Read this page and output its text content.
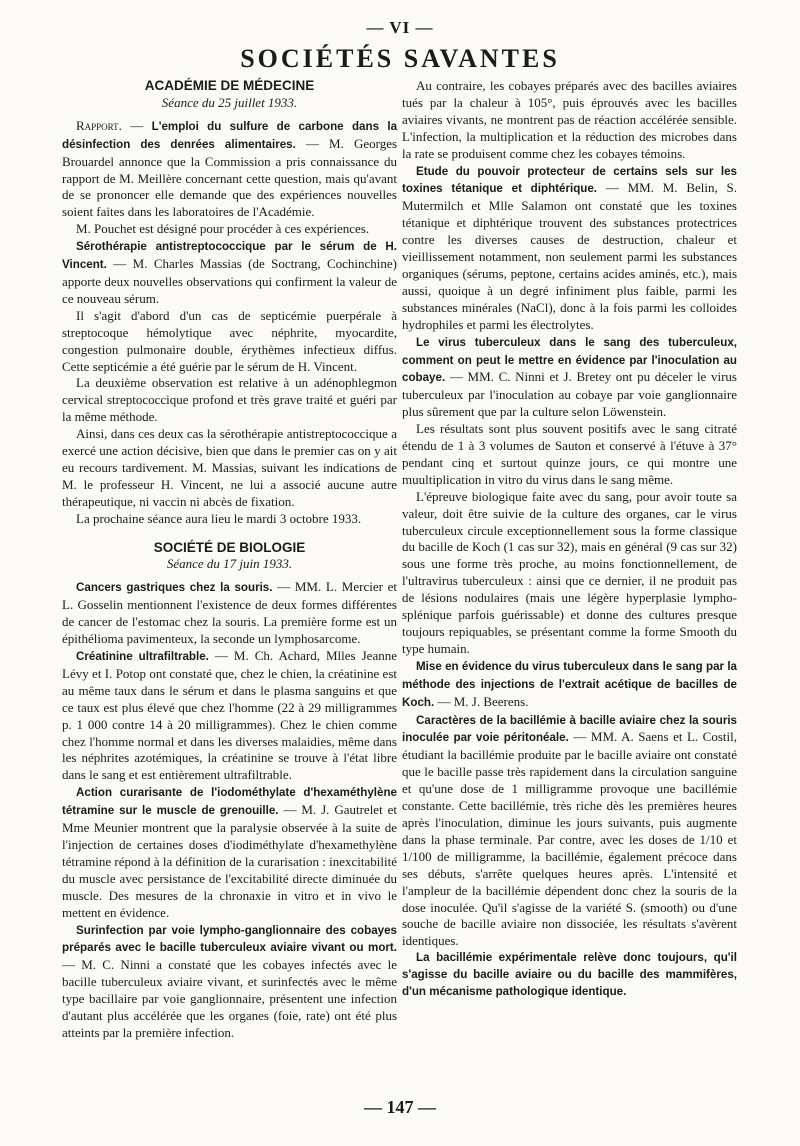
— VI —
SOCIÉTÉS SAVANTES
ACADÉMIE DE MÉDECINE
Séance du 25 juillet 1933.

Rapport. — L'emploi du sulfure de carbone dans la désinfection des denrées alimentaires. — M. Georges Brouardel annonce que la Commission a pris connaissance du rapport de M. Meillère concernant cette question, mais qu'avant de se prononcer elle demande que des expériences nouvelles soient faites dans les laboratoires de l'Académie.

M. Pouchet est désigné pour procéder à ces expériences.

Sérothérapie antistreptococcique par le sérum de H. Vincent. — M. Charles Massias (de Soctrang, Cochinchine) apporte deux nouvelles observations qui confirment la valeur de ce nouveau sérum.

Il s'agit d'abord d'un cas de septicémie puerpérale à streptocoque hémolytique avec néphrite, myocardite, congestion pulmonaire double, érythèmes infectieux diffus. Cette septicémie a été guérie par le sérum de H. Vincent.

La deuxième observation est relative à un adénophlegmon cervical streptococcique profond et très grave traité et guéri par la même méthode.

Ainsi, dans ces deux cas la sérothérapie antistreptococcique a exercé une action décisive, bien que dans le premier cas on y ait eu recours tardivement. M. Massias, suivant les indications de M. le professeur H. Vincent, ne lui a associé aucune autre thérapeutique, ni vaccin ni abcès de fixation.

La prochaine séance aura lieu le mardi 3 octobre 1933.

SOCIÉTÉ DE BIOLOGIE
Séance du 17 juin 1933.

Cancers gastriques chez la souris. — MM. L. Mercier et L. Gosselin mentionnent l'existence de deux formes différentes de cancer de l'estomac chez la souris. La première forme est un épithélioma pavimenteux, la seconde un lymphosarcome.

Créatinine ultrafiltrable. — M. Ch. Achard, Mlles Jeanne Lévy et I. Potop ont constaté que, chez le chien, la créatinine est au même taux dans le sérum et dans le plasma sanguins et que ce taux est plus élevé que chez l'homme (22 à 29 milligrammes p. 1 000 contre 14 à 20 milligrammes). Chez le chien comme chez l'homme normal et dans les diverses malaidies, même dans les néphrites azotémiques, la créatinine se trouve à l'état libre dans le sang et est entièrement ultrafiltrable.

Action curarisante de l'iodométhylate d'hexaméthylène tétramine sur le muscle de grenouille. — M. J. Gautrelet et Mme Meunier montrent que la paralysie observée à la suite de l'injection de certaines doses d'iodiméthylate d'hexamethylène tétramine répond à la définition de la curarisation : inexcitabilité du muscle avec persistance de l'excitabilité directe diminuée du muscle. Des mesures de la chronaxie in vitro et in vivo le mettent en évidence.

Surinfection par voie lympho-ganglionnaire des cobayes préparés avec le bacille tuberculeux aviaire vivant ou mort. — M. C. Ninni a constaté que les cobayes infectés avec le bacille tuberculeux aviaire vivant, et surinfectés avec le même type bacillaire par voie ganglionnaire, présentent une infection d'autant plus accélérée que les organes (foie, rate) ont été plus atteints par la première infection.

Au contraire, les cobayes préparés avec des bacilles aviaires tués par la chaleur à 105°, puis éprouvés avec les bacilles aviaires vivants, ne montrent pas de réaction accélérée sensible. L'infection, la multiplication et la réduction des microbes dans la rate se produisent comme chez les cobayes témoins.

Etude du pouvoir protecteur de certains sels sur les toxines tétanique et diphtérique. — MM. M. Belin, S. Mutermilch et Mlle Salamon ont constaté que les toxines tétanique et diphtérique trouvent des substances protectrices contre les diverses causes de destruction, chaleur et vieillissement notamment, non seulement parmi les substances organiques (sérums, peptone, certains acides aminés, etc.), mais aussi, quoique à un degré infiniment plus faible, parmi les substances minérales (NaCl), donc à la fois parmi les colloides hydrophiles et parmi les électrolytes.

Le virus tuberculeux dans le sang des tuberculeux, comment on peut le mettre en évidence par l'inoculation au cobaye. — MM. C. Ninni et J. Bretey ont pu déceler le virus tuberculeux par l'inoculation au cobaye par voie ganglionnaire plus sûrement que par la culture selon Löwenstein.

Les résultats sont plus souvent positifs avec le sang citraté étendu de 1 à 3 volumes de Sauton et conservé à l'étuve à 37° pendant cinq et surtout quinze jours, ce qui montre une muultiplication in vitro du virus dans le sang même.

L'épreuve biologique faite avec du sang, pour avoir toute sa valeur, doit être suivie de la culture des organes, car le virus tuberculeux circule exceptionnellement sous la forme classique du bacille de Koch (1 cas sur 32), mais en général (9 cas sur 32) sous une forme très proche, au moins fonctionnellement, de l'ultravirus tuberculeux : ainsi que ce dernier, il ne produit pas de lésions nodulaires (mais une légère hyperplasie lympho-splénique parfois guérissable) et donne des cultures presque toujours repiquables, se présentant comme la forme Smooth du type humain.

Mise en évidence du virus tuberculeux dans le sang par la méthode des injections de l'extrait acétique de bacilles de Koch. — M. J. Beerens.

Caractères de la bacillémie à bacille aviaire chez la souris inoculée par voie péritonéale. — MM. A. Saens et L. Costil, étudiant la bacillémie produite par le bacille aviaire ont constaté que le bacille passe très rapidement dans la circulation sanguine et qu'une dose de 1 milligramme provoque une bacillémie constante. Cette bacillémie, très riche dès les premières heures après l'inoculation, diminue les jours suivants, puis augmente dans la phase terminale. Par contre, avec les doses de 1/10 et 1/100 de milligramme, la bacillémie, également précoce dans ses débuts, s'arrête quelques heures après. L'intensité et l'ampleur de la bacillémie dépendent donc chez la souris de la dose inoculée. Qu'il s'agisse de la variété S. (smooth) ou d'une souche de bacille aviaire non dissociée, les résultats s'avèrent identiques.

La bacillémie expérimentale relève donc toujours, qu'il s'agisse du bacille aviaire ou du bacille des mammifères, d'un mécanisme pathologique identique.

— 147 —
